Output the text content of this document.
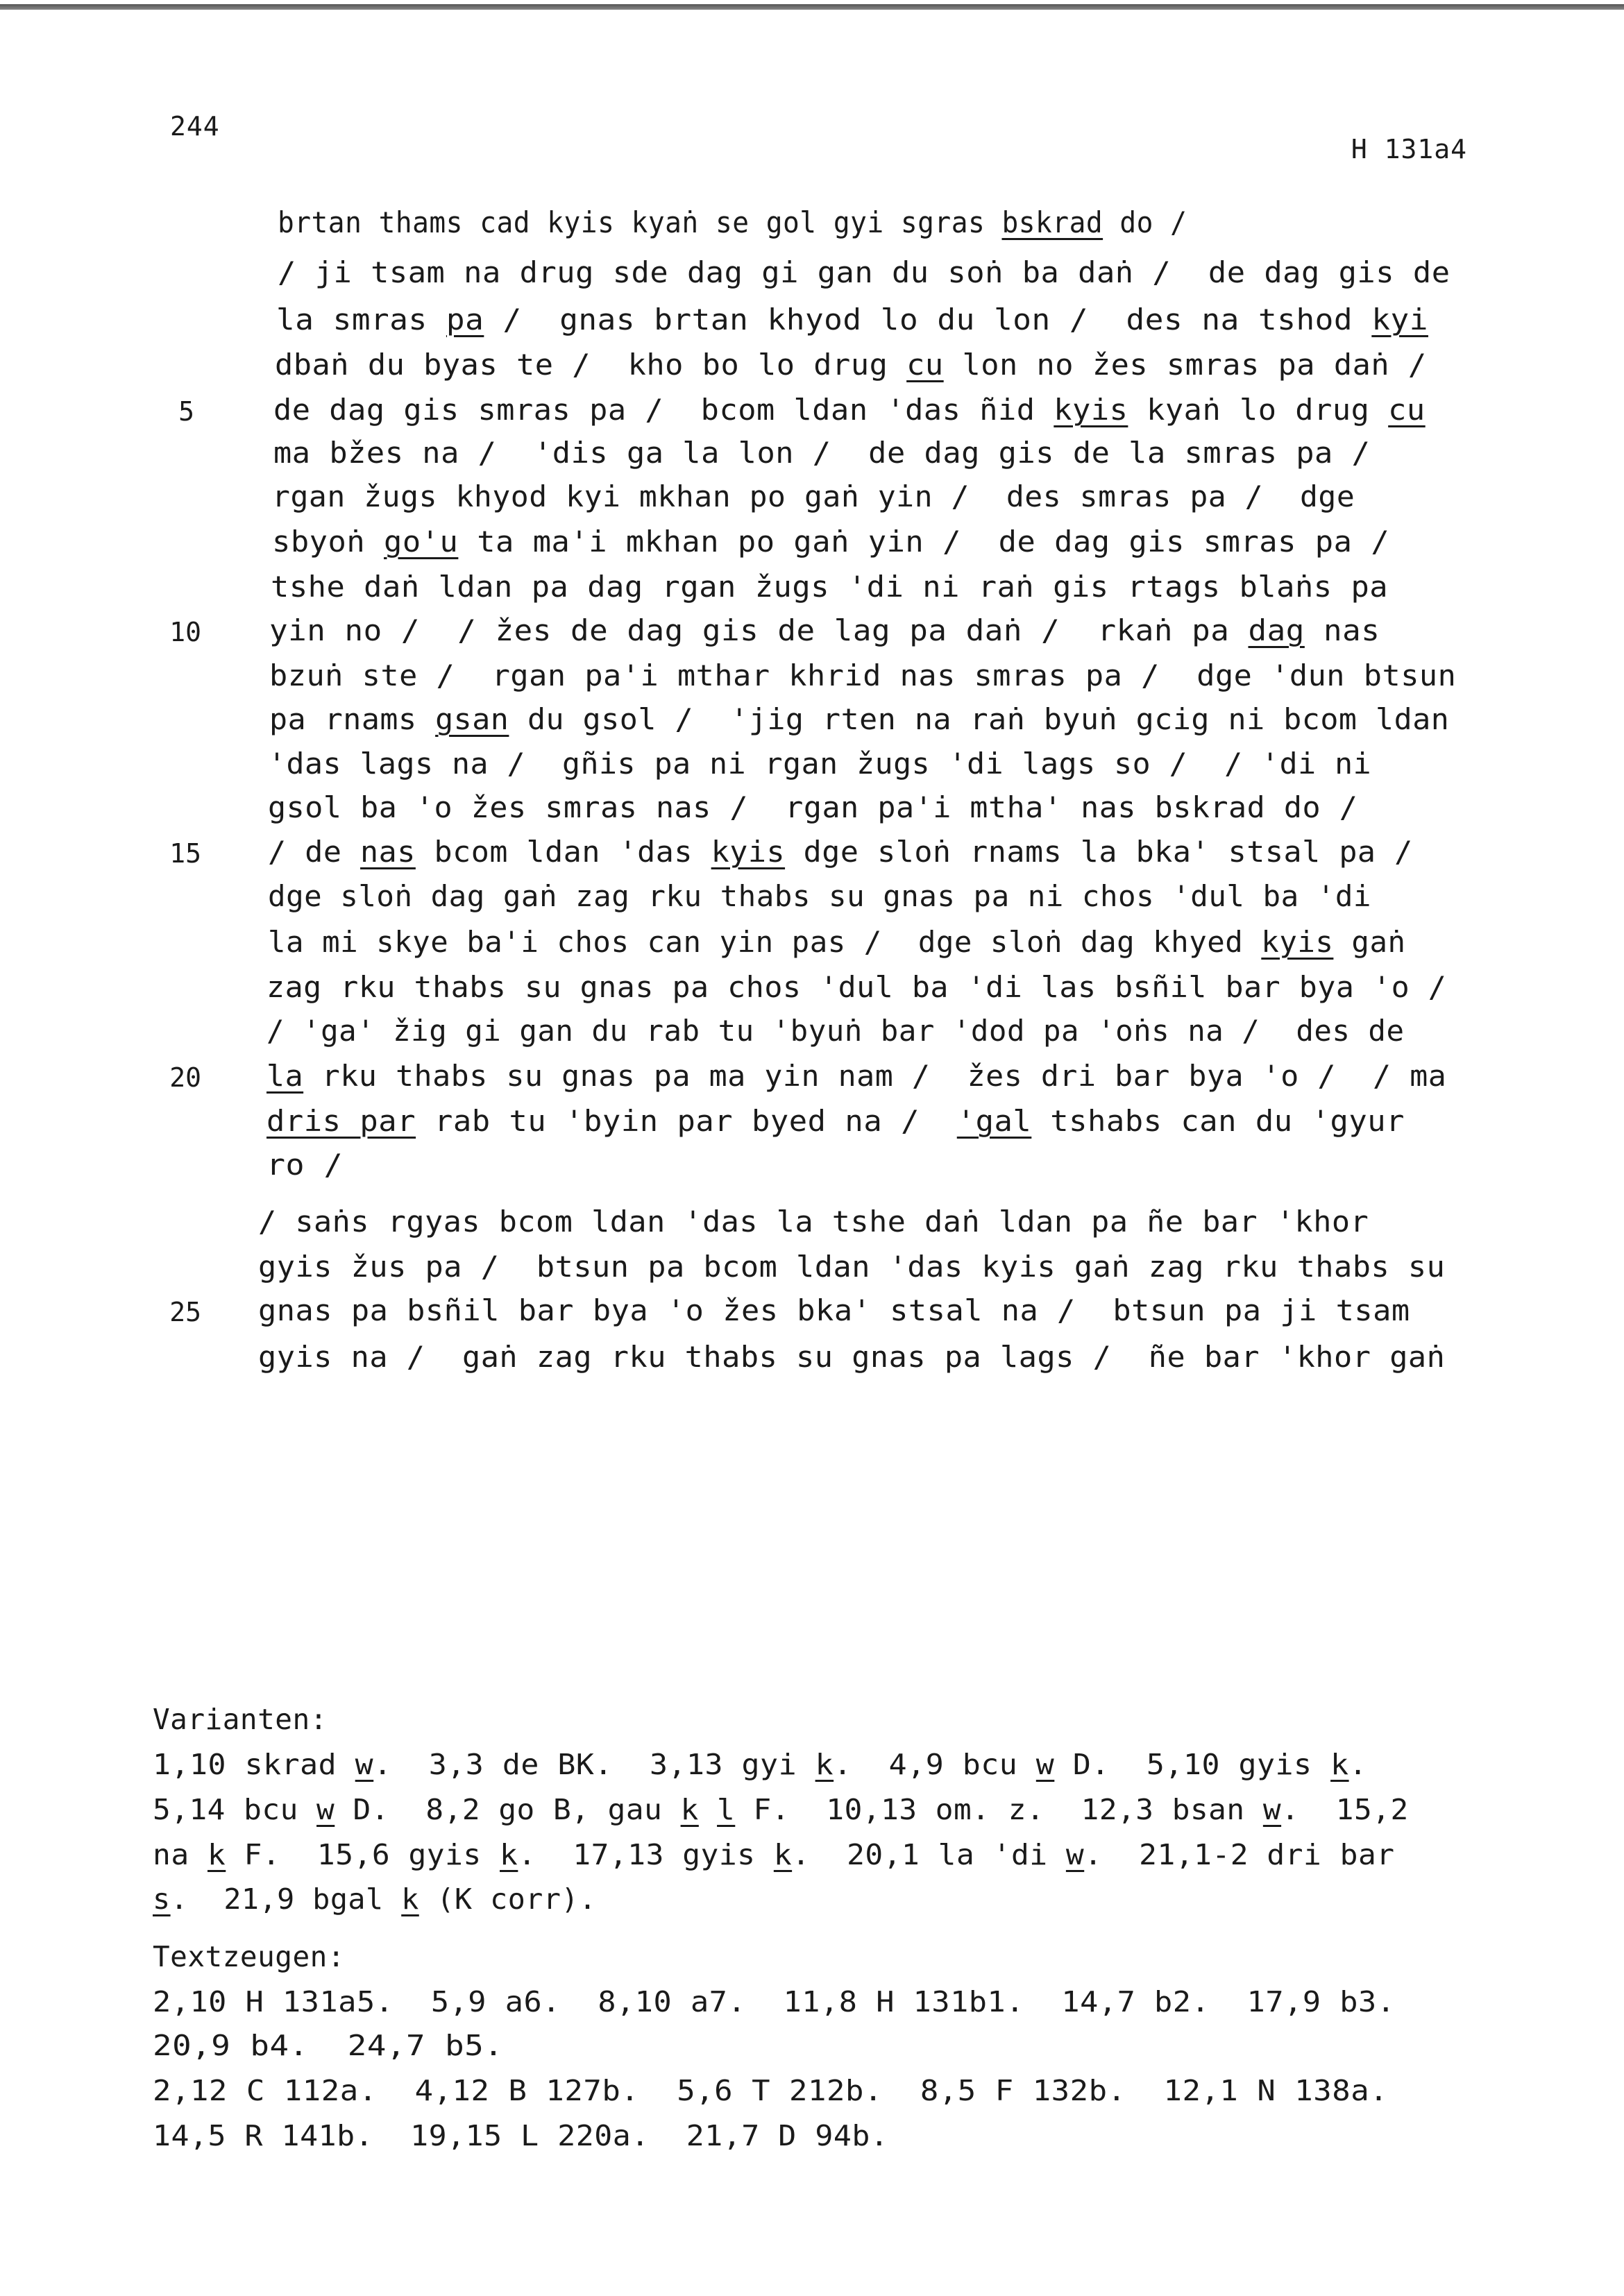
244
H 131a4
brtan thams cad kyis kyaṅ se gol gyi sgras bskrad do /
/ ji tsam na drug sde dag gi gan du soṅ ba daṅ /  de dag gis de
la smras pa /  gnas brtan khyod lo du lon /  des na tshod kyi
dbaṅ du byas te /  kho bo lo drug cu lon no žes smras pa daṅ /
de dag gis smras pa /  bcom ldan 'das ñid kyis kyaṅ lo drug cu
5
ma bžes na /  'dis ga la lon /  de dag gis de la smras pa /
rgan žugs khyod kyi mkhan po gaṅ yin /  des smras pa /  dge
sbyoṅ go'u ta ma'i mkhan po gaṅ yin /  de dag gis smras pa /
tshe daṅ ldan pa dag rgan žugs 'di ni raṅ gis rtags blaṅs pa
yin no /  / žes de dag gis de lag pa daṅ /  rkaṅ pa dag nas
10
bzuṅ ste /  rgan pa'i mthar khrid nas smras pa /  dge 'dun btsun
pa rnams gsan du gsol /  'jig rten na raṅ byuṅ gcig ni bcom ldan
'das lags na /  gñis pa ni rgan žugs 'di lags so /  / 'di ni
gsol ba 'o žes smras nas /  rgan pa'i mtha' nas bskrad do /
/ de nas bcom ldan 'das kyis dge sloṅ rnams la bka' stsal pa /
15
dge sloṅ dag gaṅ zag rku thabs su gnas pa ni chos 'dul ba 'di
la mi skye ba'i chos can yin pas /  dge sloṅ dag khyed kyis gaṅ
zag rku thabs su gnas pa chos 'dul ba 'di las bsñil bar bya 'o /
/ 'ga' žig gi gan du rab tu 'byuṅ bar 'dod pa 'oṅs na /  des de
la rku thabs su gnas pa ma yin nam /  žes dri bar bya 'o /  / ma
20
dris par rab tu 'byin par byed na /  'gal tshabs can du 'gyur
ro /
/ saṅs rgyas bcom ldan 'das la tshe daṅ ldan pa ñe bar 'khor
gyis žus pa /  btsun pa bcom ldan 'das kyis gaṅ zag rku thabs su
gnas pa bsñil bar bya 'o žes bka' stsal na /  btsun pa ji tsam
25
gyis na /  gaṅ zag rku thabs su gnas pa lags /  ñe bar 'khor gaṅ
Varianten:
1,10 skrad w.  3,3 de BK.  3,13 gyi k.  4,9 bcu w D.  5,10 gyis k.
5,14 bcu w D.  8,2 go B, gau k l F.  10,13 om. z.  12,3 bsan w.  15,2
na k F.  15,6 gyis k.  17,13 gyis k.  20,1 la 'di w.  21,1-2 dri bar
s.  21,9 bgal k (K corr).
Textzeugen:
2,10 H 131a5.  5,9 a6.  8,10 a7.  11,8 H 131b1.  14,7 b2.  17,9 b3.
20,9 b4.  24,7 b5.
2,12 C 112a.  4,12 B 127b.  5,6 T 212b.  8,5 F 132b.  12,1 N 138a.
14,5 R 141b.  19,15 L 220a.  21,7 D 94b.
